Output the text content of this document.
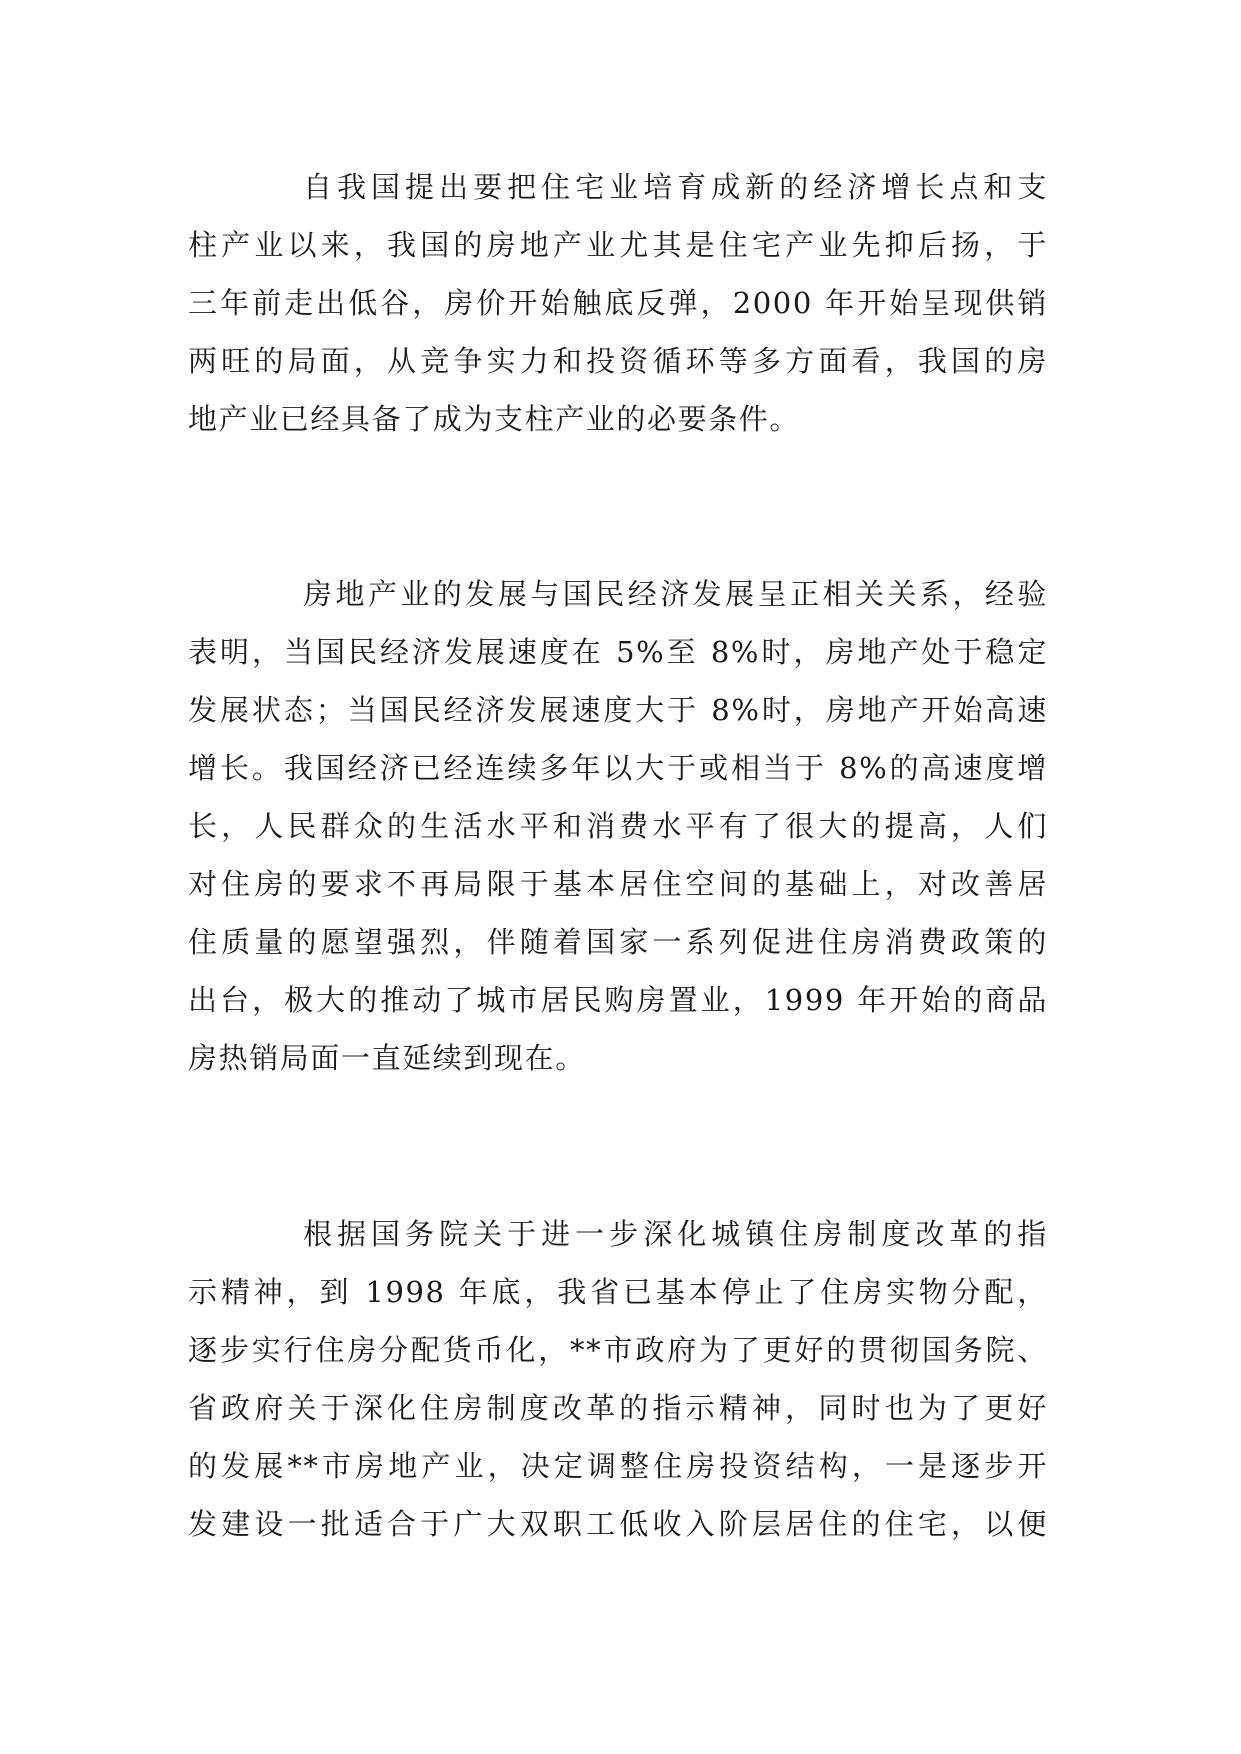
自我国提出要把住宅业培育成新的经济增长点和支
柱产业以来，我国的房地产业尤其是住宅产业先抑后扬，于
三年前走出低谷，房价开始触底反弹，2000 年开始呈现供销
两旺的局面，从竞争实力和投资循环等多方面看，我国的房
地产业已经具备了成为支柱产业的必要条件。
房地产业的发展与国民经济发展呈正相关关系，经验
表明，当国民经济发展速度在 5%至 8%时，房地产处于稳定
发展状态；当国民经济发展速度大于 8%时，房地产开始高速
增长。我国经济已经连续多年以大于或相当于 8%的高速度增
长，人民群众的生活水平和消费水平有了很大的提高，人们
对住房的要求不再局限于基本居住空间的基础上，对改善居
住质量的愿望强烈，伴随着国家一系列促进住房消费政策的
出台，极大的推动了城市居民购房置业，1999 年开始的商品
房热销局面一直延续到现在。
根据国务院关于进一步深化城镇住房制度改革的指
示精神，到 1998 年底，我省已基本停止了住房实物分配，
逐步实行住房分配货币化，**市政府为了更好的贯彻国务院、
省政府关于深化住房制度改革的指示精神，同时也为了更好
的发展**市房地产业，决定调整住房投资结构，一是逐步开
发建设一批适合于广大双职工低收入阶层居住的住宅，以便
